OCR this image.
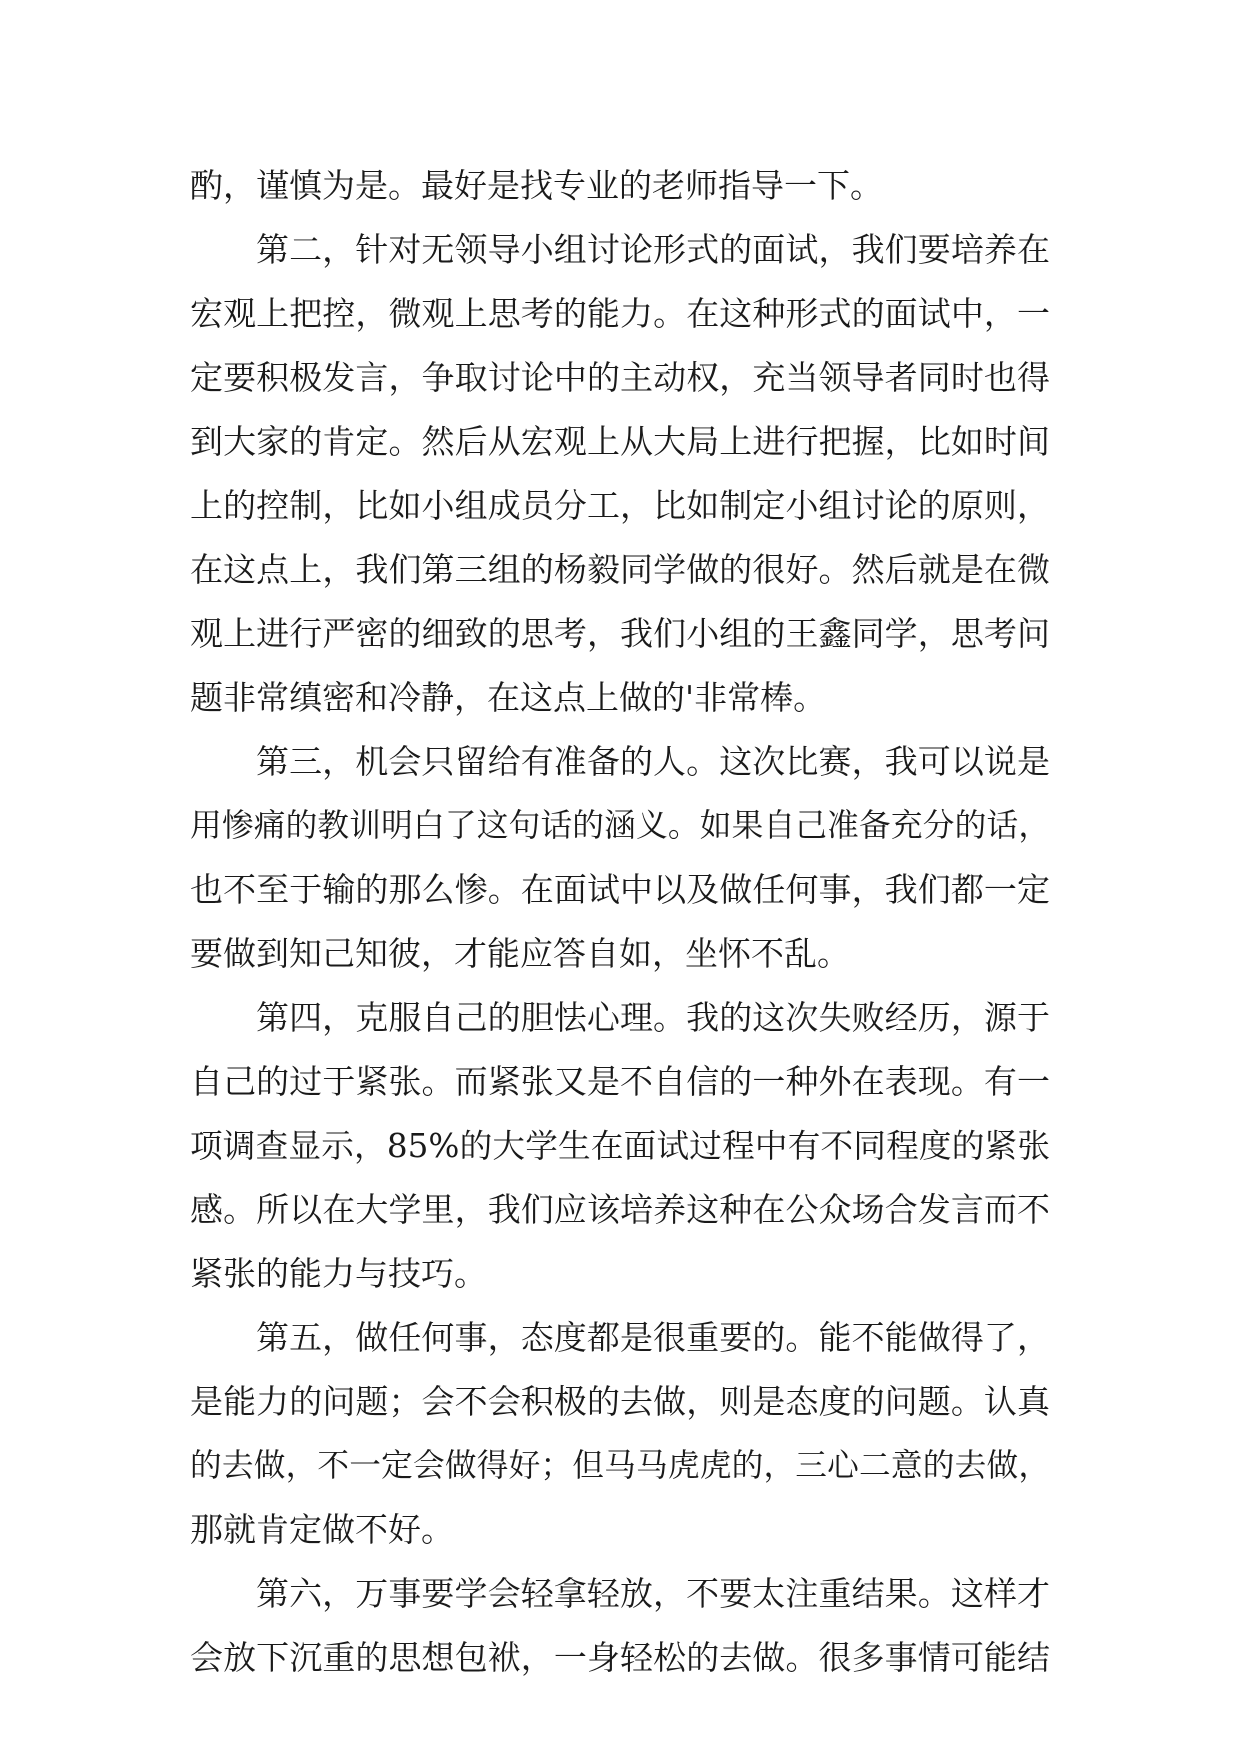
酌，谨慎为是。最好是找专业的老师指导一下。
第二，针对无领导小组讨论形式的面试，我们要培养在
宏观上把控，微观上思考的能力。在这种形式的面试中，一
定要积极发言，争取讨论中的主动权，充当领导者同时也得
到大家的肯定。然后从宏观上从大局上进行把握，比如时间
上的控制，比如小组成员分工，比如制定小组讨论的原则，
在这点上，我们第三组的杨毅同学做的很好。然后就是在微
观上进行严密的细致的思考，我们小组的王鑫同学，思考问
题非常缜密和冷静，在这点上做的'非常棒。
第三，机会只留给有准备的人。这次比赛，我可以说是
用惨痛的教训明白了这句话的涵义。如果自己准备充分的话，
也不至于输的那么惨。在面试中以及做任何事，我们都一定
要做到知己知彼，才能应答自如，坐怀不乱。
第四，克服自己的胆怯心理。我的这次失败经历，源于
自己的过于紧张。而紧张又是不自信的一种外在表现。有一
项调查显示，85%的大学生在面试过程中有不同程度的紧张
感。所以在大学里，我们应该培养这种在公众场合发言而不
紧张的能力与技巧。
第五，做任何事，态度都是很重要的。能不能做得了，
是能力的问题；会不会积极的去做，则是态度的问题。认真
的去做，不一定会做得好；但马马虎虎的，三心二意的去做，
那就肯定做不好。
第六，万事要学会轻拿轻放，不要太注重结果。这样才
会放下沉重的思想包袱，一身轻松的去做。很多事情可能结
